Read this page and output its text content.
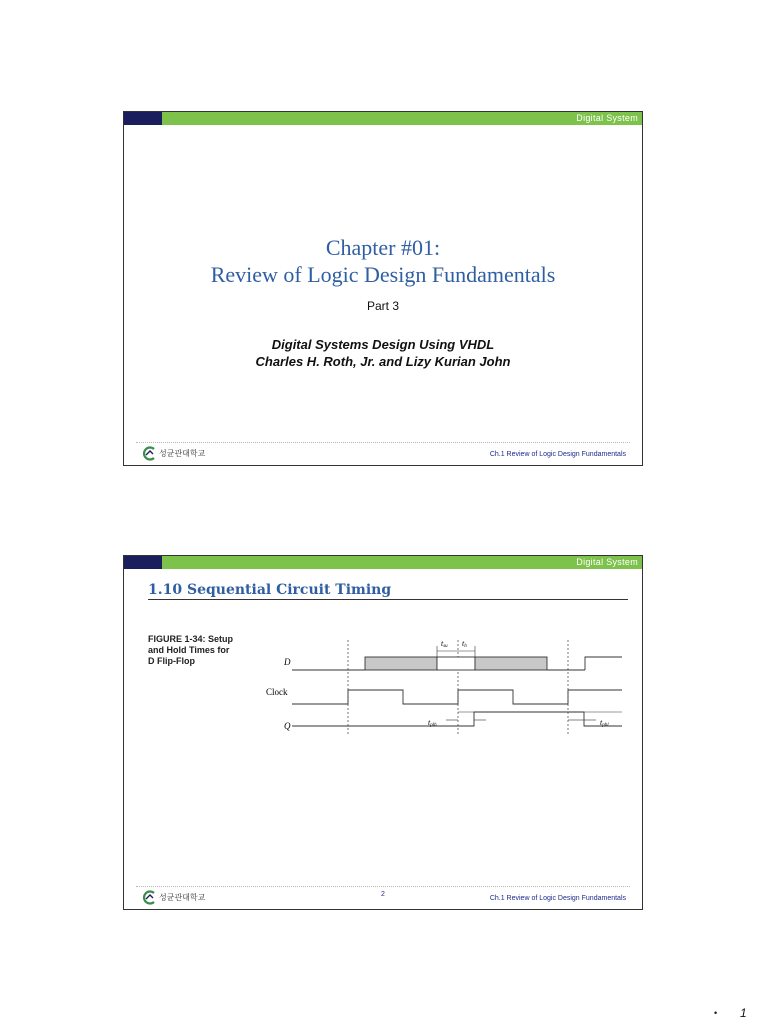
Digital System
Chapter #01:
Review of Logic Design Fundamentals
Part 3
Digital Systems Design Using VHDL
Charles H. Roth, Jr. and Lizy Kurian John
성균관대학교	Ch.1 Review of Logic Design Fundamentals
Digital System
1.10 Sequential Circuit Timing
FIGURE 1-34: Setup
and Hold Times for
D Flip-Flop	D
tsu th
Clock
Q	tplh	tphl
성균관대학교	2
Ch.1 Review of Logic Design Fundamentals
• 1
